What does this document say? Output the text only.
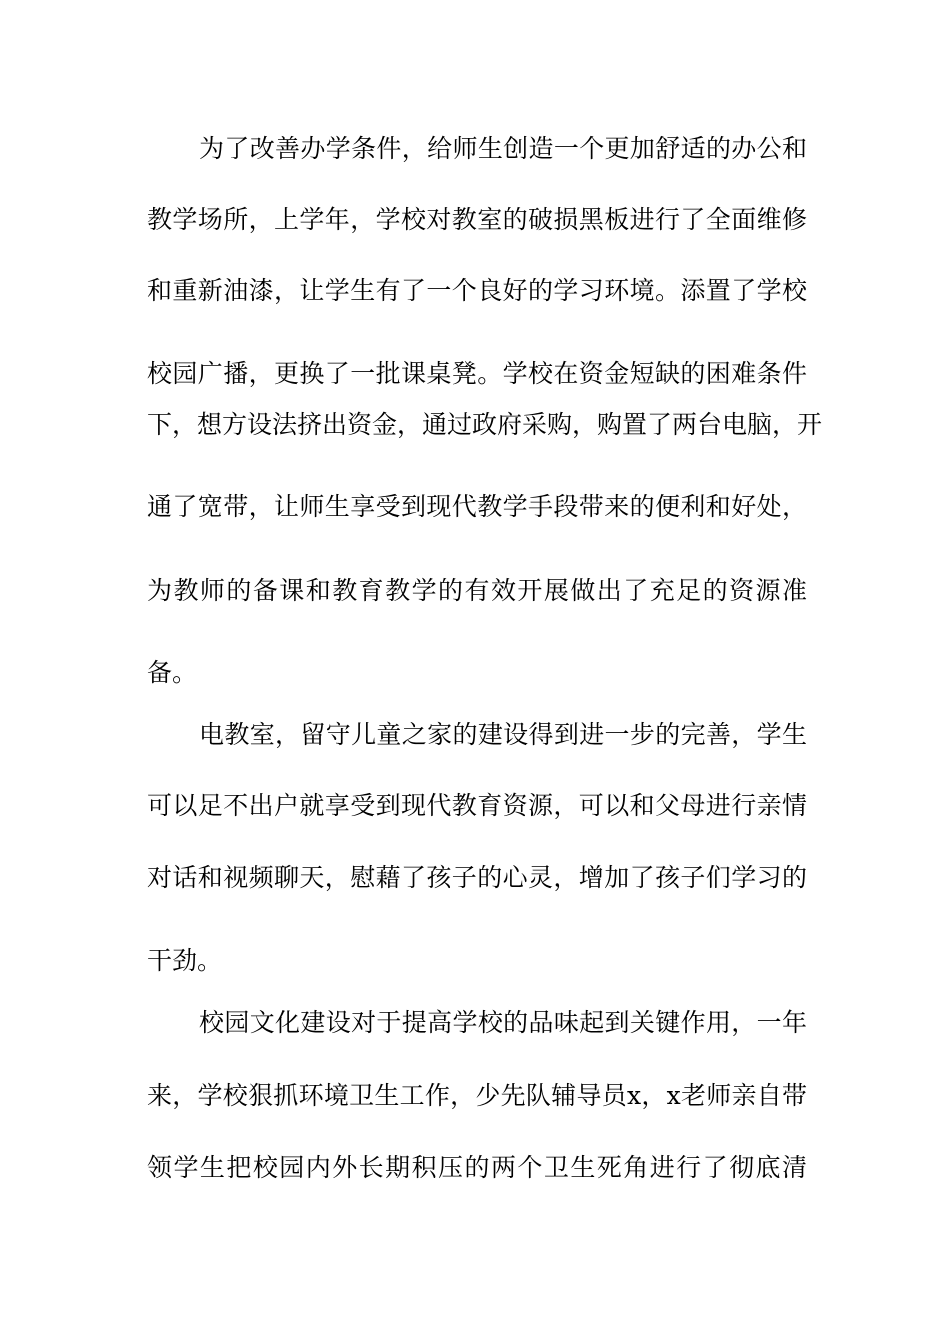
为了改善办学条件，给师生创造一个更加舒适的办公和
教学场所，上学年，学校对教室的破损黑板进行了全面维修
和重新油漆，让学生有了一个良好的学习环境。添置了学校
校园广播，更换了一批课桌凳。学校在资金短缺的困难条件
下，想方设法挤出资金，通过政府采购，购置了两台电脑，开
通了宽带，让师生享受到现代教学手段带来的便利和好处，
为教师的备课和教育教学的有效开展做出了充足的资源准
备。
电教室，留守儿童之家的建设得到进一步的完善，学生
可以足不出户就享受到现代教育资源，可以和父母进行亲情
对话和视频聊天，慰藉了孩子的心灵，增加了孩子们学习的
干劲。
校园文化建设对于提高学校的品味起到关键作用，一年
来，学校狠抓环境卫生工作，少先队辅导员x，x老师亲自带
领学生把校园内外长期积压的两个卫生死角进行了彻底清
